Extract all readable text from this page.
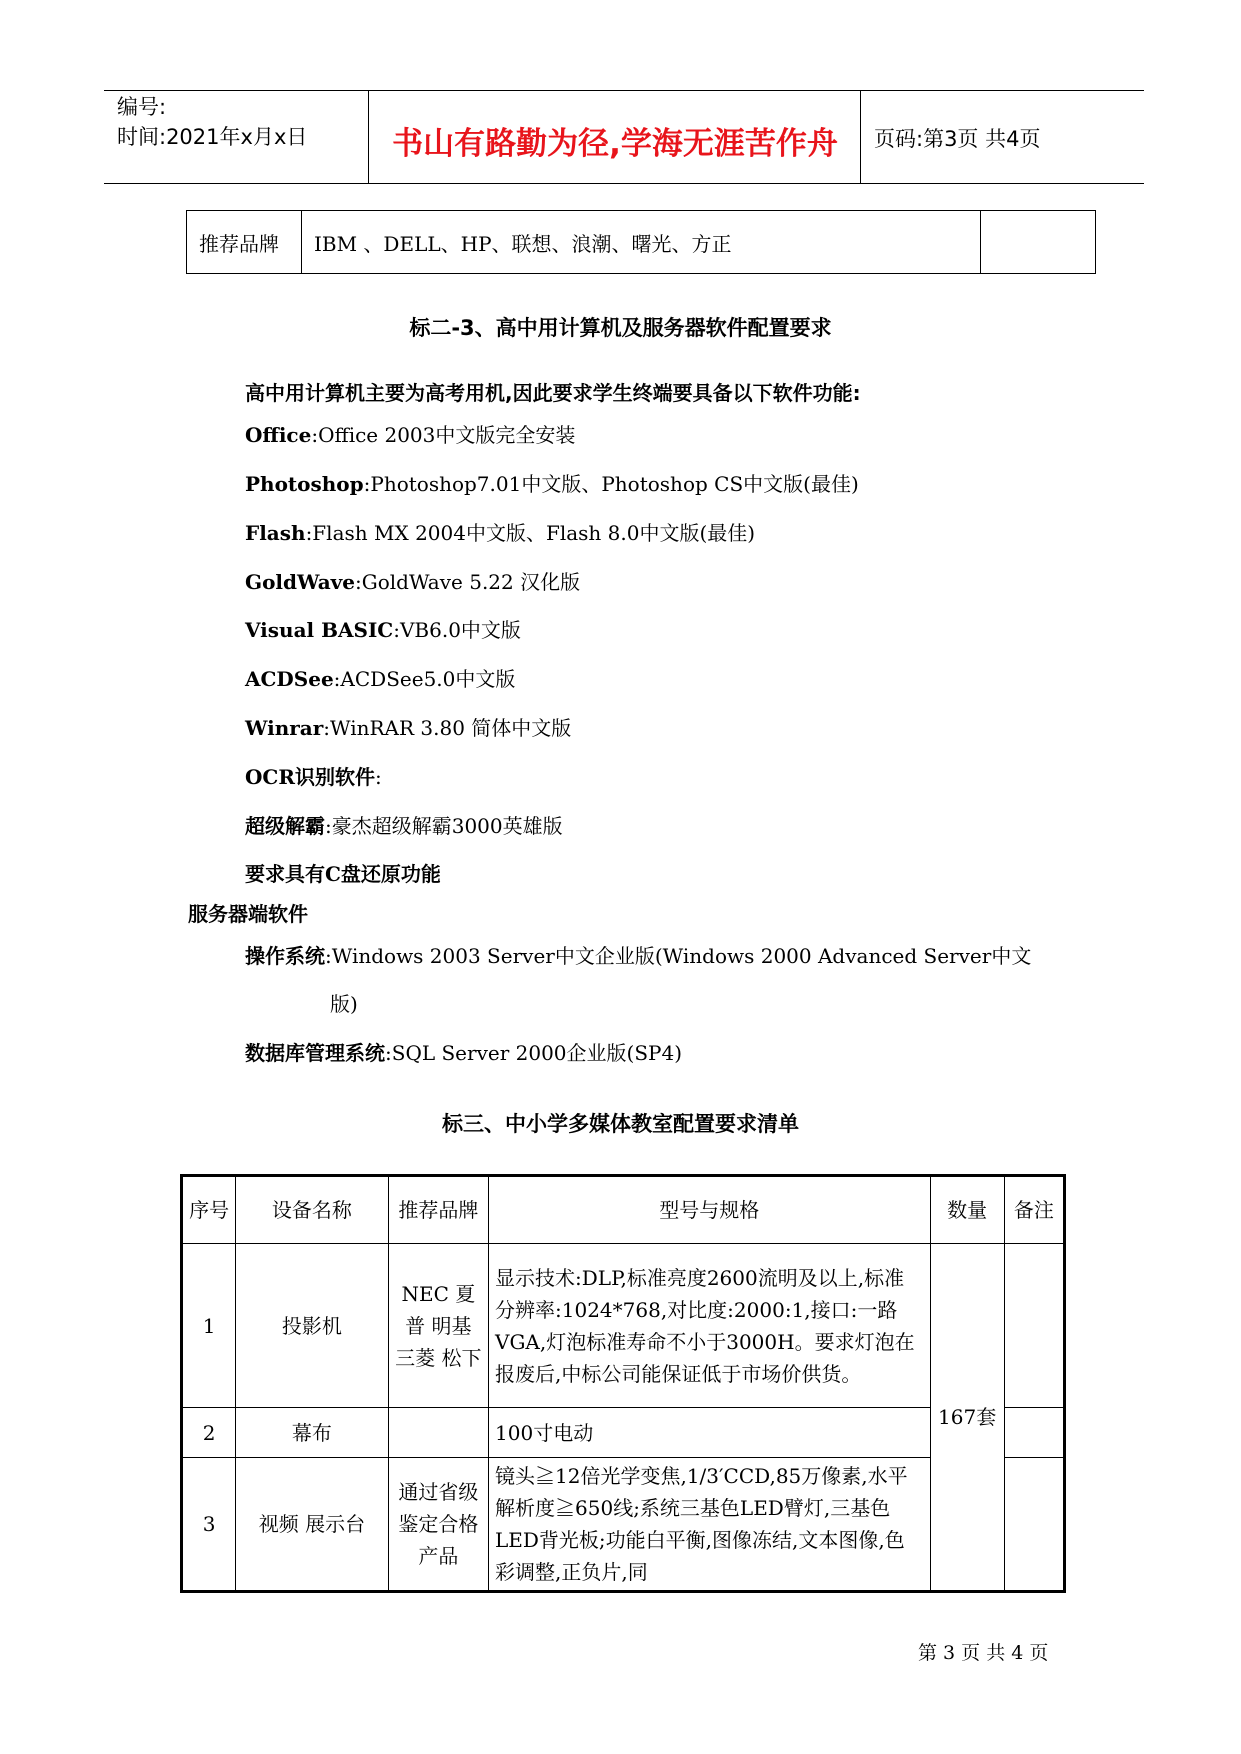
编号:
时间:2021年x月x日	书山有路勤为径,学海无涯苦作舟	页码:第3页 共4页
推荐品牌	IBM 、DELL、HP、联想、浪潮、曙光、方正	
标二-3、高中用计算机及服务器软件配置要求
高中用计算机主要为高考用机,因此要求学生终端要具备以下软件功能:
Office:Office 2003中文版完全安装
Photoshop:Photoshop7.01中文版、Photoshop CS中文版(最佳)
Flash:Flash MX 2004中文版、Flash 8.0中文版(最佳)
GoldWave:GoldWave 5.22 汉化版
Visual BASIC:VB6.0中文版
ACDSee:ACDSee5.0中文版
Winrar:WinRAR 3.80 简体中文版
OCR识别软件:
超级解霸:豪杰超级解霸3000英雄版
要求具有C盘还原功能
服务器端软件
操作系统:Windows 2003 Server中文企业版(Windows 2000 Advanced Server中文
版)
数据库管理系统:SQL Server 2000企业版(SP4)
标三、中小学多媒体教室配置要求清单
序号	设备名称	推荐品牌	型号与规格	数量	备注
1	投影机	NEC 夏普 明基 三菱 松下	显示技术:DLP,标准亮度2600流明及以上,标准分辨率:1024*768,对比度:2000:1,接口:一路VGA,灯泡标准寿命不小于3000H。要求灯泡在报废后,中标公司能保证低于市场价供货。	167套	
2	幕布		100寸电动		
3	视频 展示台	通过省级鉴定合格产品	镜头≧12倍光学变焦,1/3′CCD,85万像素,水平解析度≧650线;系统三基色LED臂灯,三基色LED背光板;功能白平衡,图像冻结,文本图像,色彩调整,正负片,同		
第 3 页 共 4 页
